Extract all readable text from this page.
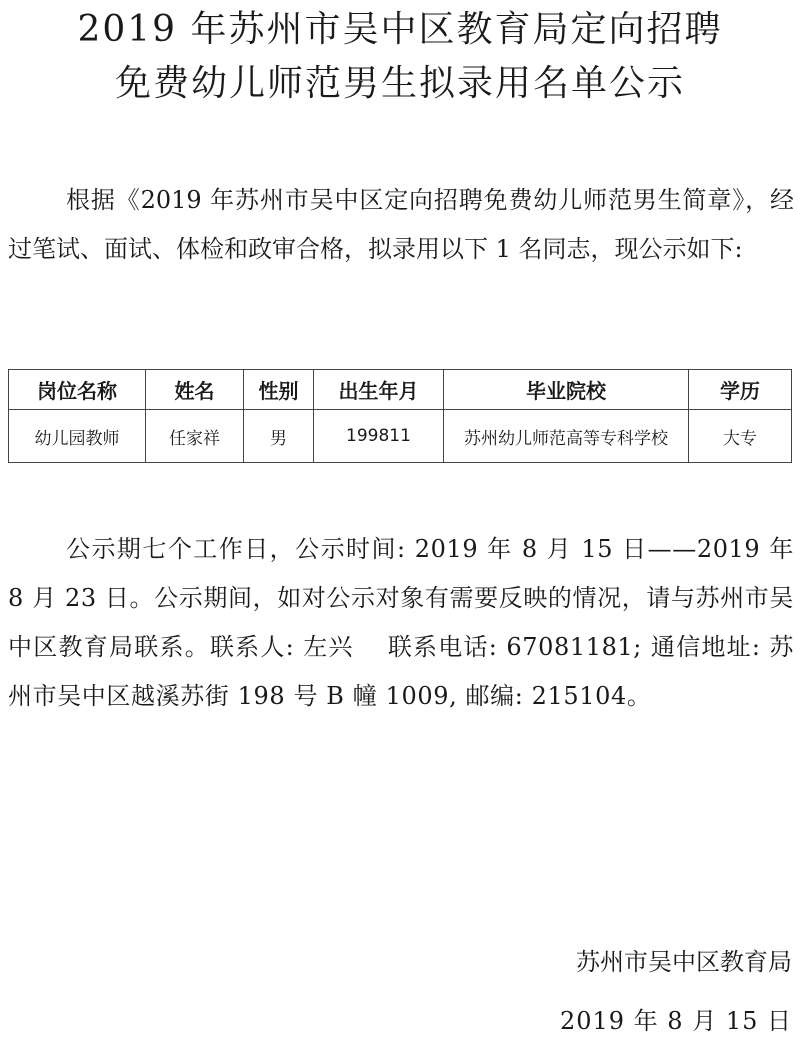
2019 年苏州市吴中区教育局定向招聘
免费幼儿师范男生拟录用名单公示

根据《2019 年苏州市吴中区定向招聘免费幼儿师范男生简章》，经过笔试、面试、体检和政审合格，拟录用以下 1 名同志，现公示如下:

岗位名称	姓名	性别	出生年月	毕业院校	学历
幼儿园教师	任家祥	男	199811	苏州幼儿师范高等专科学校	大专

公示期七个工作日，公示时间: 2019 年 8 月 15 日——2019 年 8 月 23 日。公示期间，如对公示对象有需要反映的情况，请与苏州市吴中区教育局联系。联系人: 左兴　 联系电话: 67081181; 通信地址: 苏州市吴中区越溪苏街 198 号 B 幢 1009, 邮编: 215104。

苏州市吴中区教育局

2019 年 8 月 15 日
